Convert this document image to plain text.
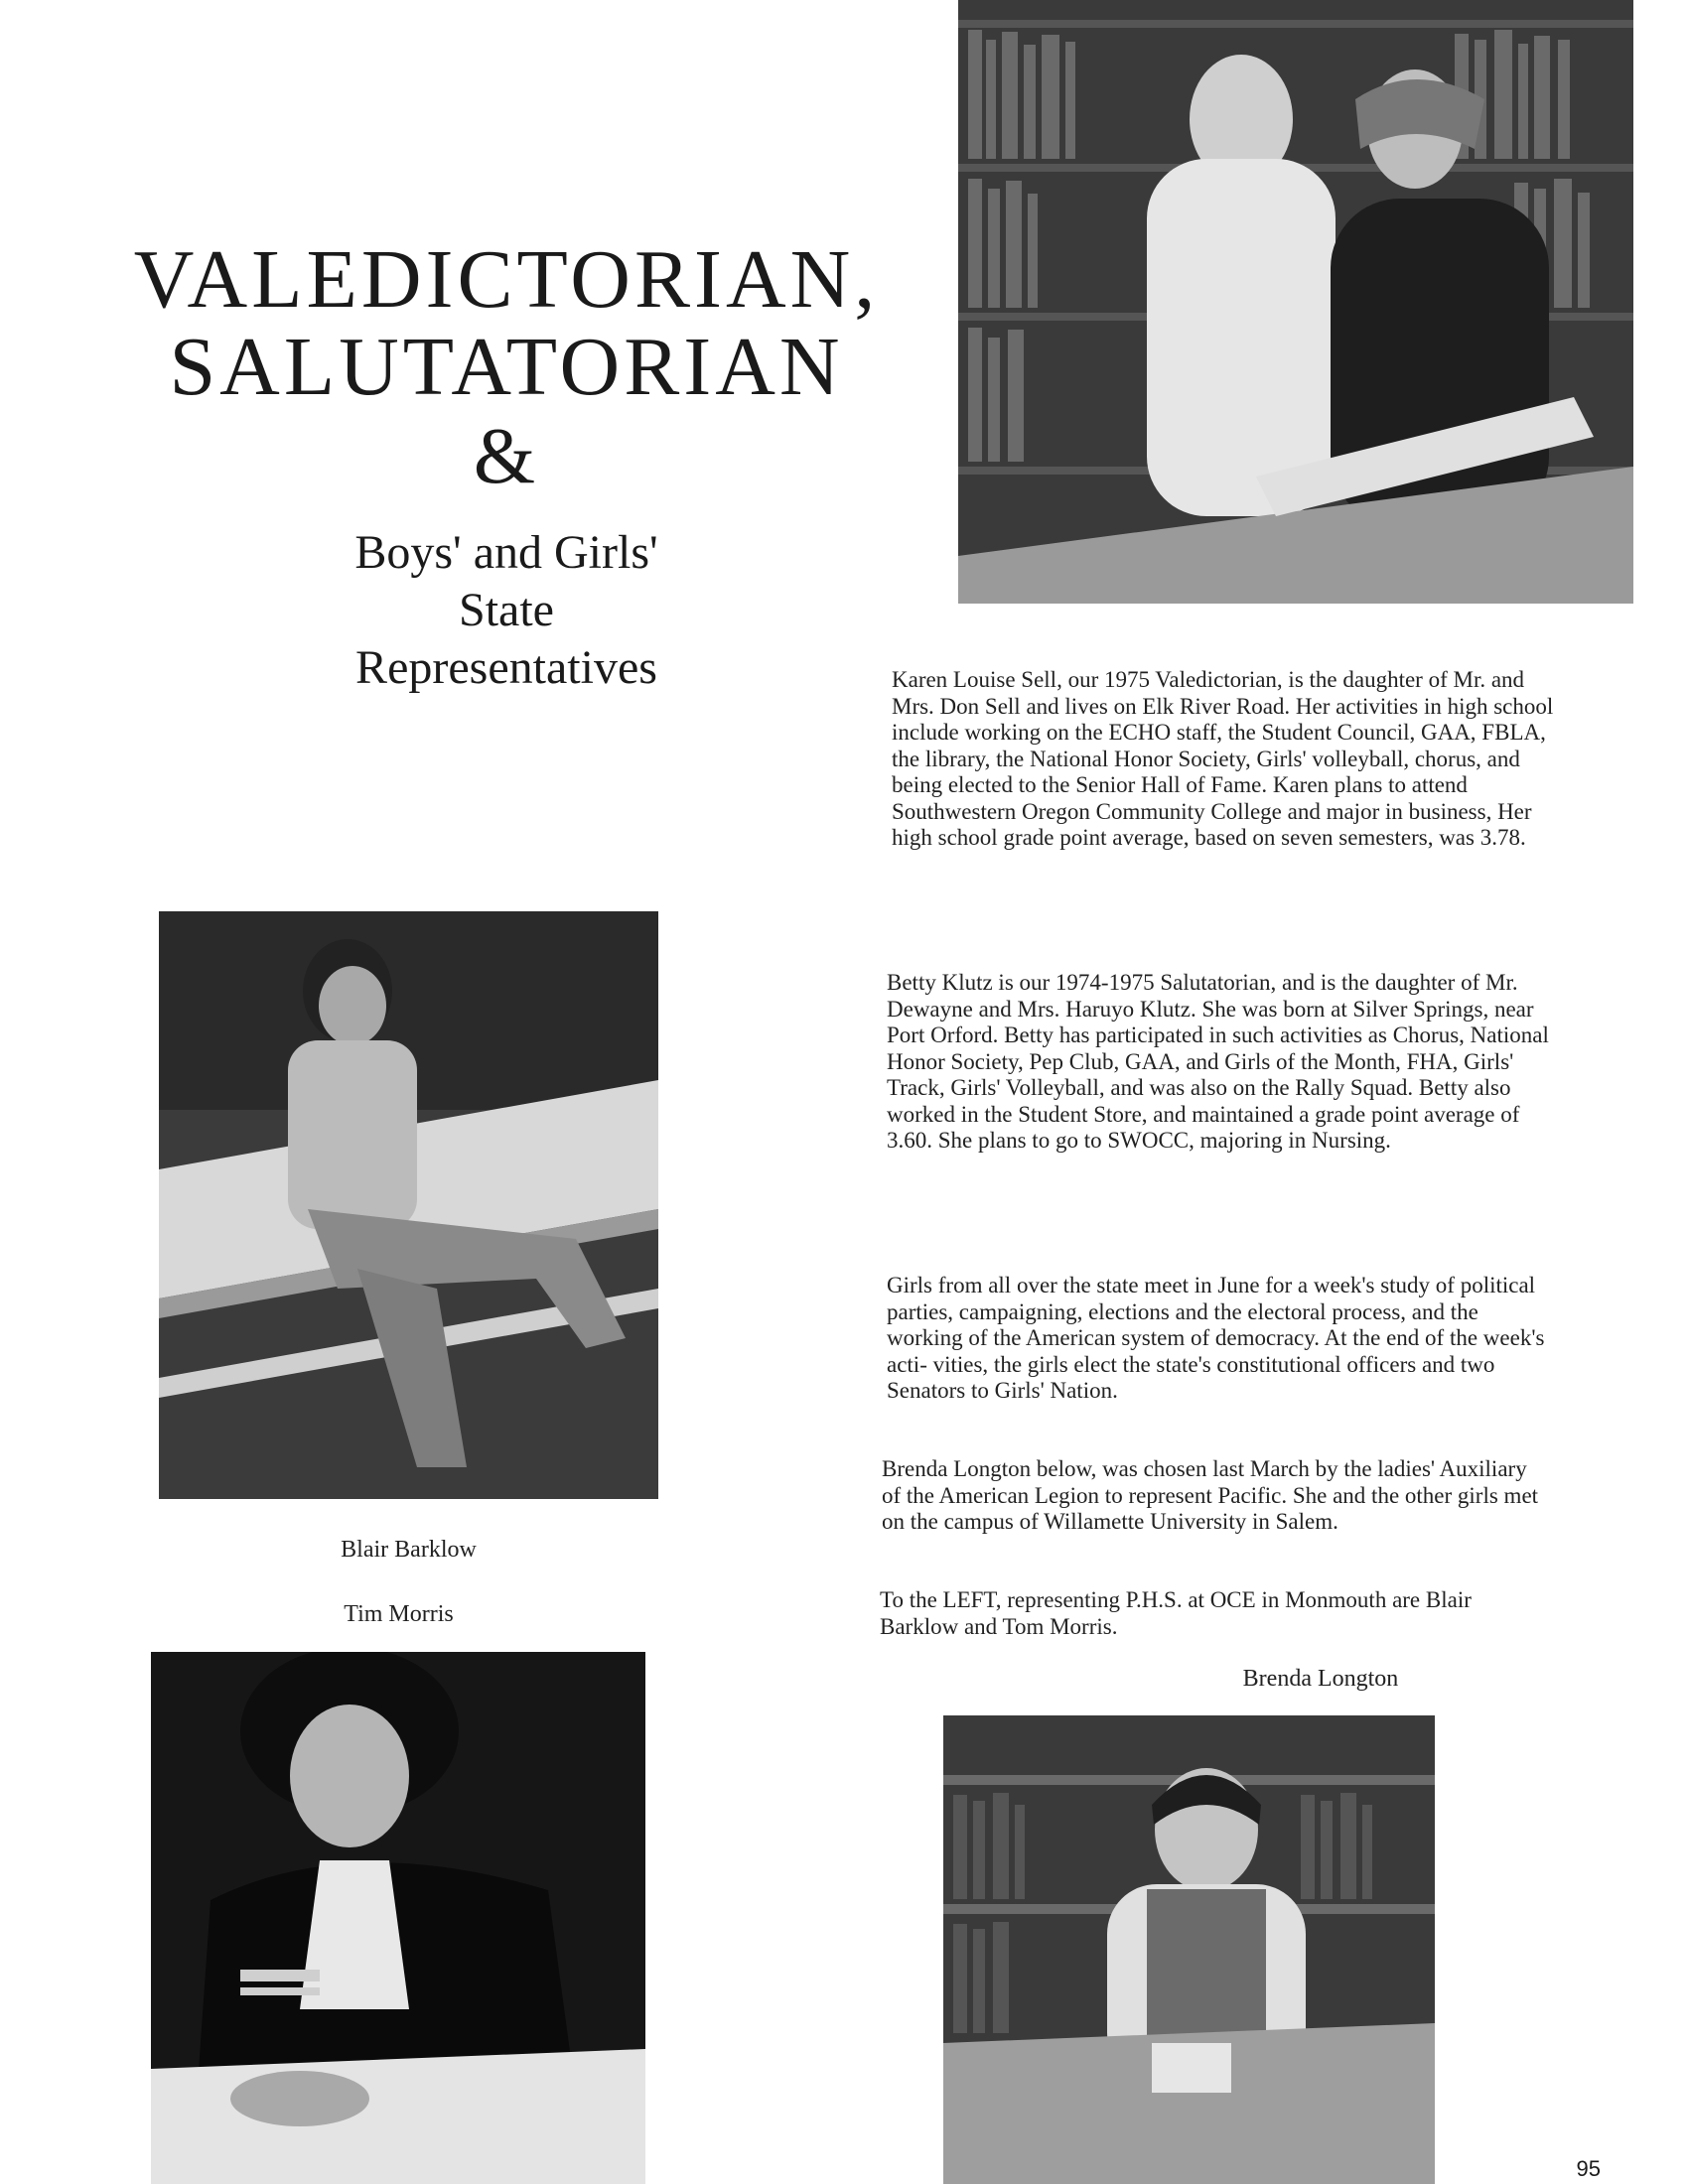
VALEDICTORIAN,
SALUTATORIAN
&
Boys' and Girls'
State
Representatives
Blair Barklow
Tim Morris
Karen Louise Sell, our 1975 Valedictorian, is the daughter of Mr. and Mrs. Don Sell and lives on Elk River Road. Her activities in high school include working on the ECHO staff, the Student Council, GAA, FBLA, the library, the National Honor Society, Girls' volleyball, chorus, and being elected to the Senior Hall of Fame. Karen plans to attend Southwestern Oregon Community College and major in business, Her high school grade point average, based on seven semesters, was 3.78.
Betty Klutz is our 1974-1975 Salutatorian, and is the daughter of Mr. Dewayne and Mrs. Haruyo Klutz. She was born at Silver Springs, near Port Orford. Betty has participated in such activities as Chorus, National Honor Society, Pep Club, GAA, and Girls of the Month, FHA, Girls' Track, Girls' Volleyball, and was also on the Rally Squad. Betty also worked in the Student Store, and maintained a grade point average of 3.60. She plans to go to SWOCC, majoring in Nursing.
Girls from all over the state meet in June for a week's study of political parties, campaigning, elections and the electoral process, and the working of the American system of democracy. At the end of the week's acti- vities, the girls elect the state's constitutional officers and two Senators to Girls' Nation.
Brenda Longton below, was chosen last March by the ladies' Auxiliary of the American Legion to represent Pacific. She and the other girls met on the campus of Willamette University in Salem.
To the LEFT, representing P.H.S. at OCE in Monmouth are Blair Barklow and Tom Morris.
Brenda Longton
95
